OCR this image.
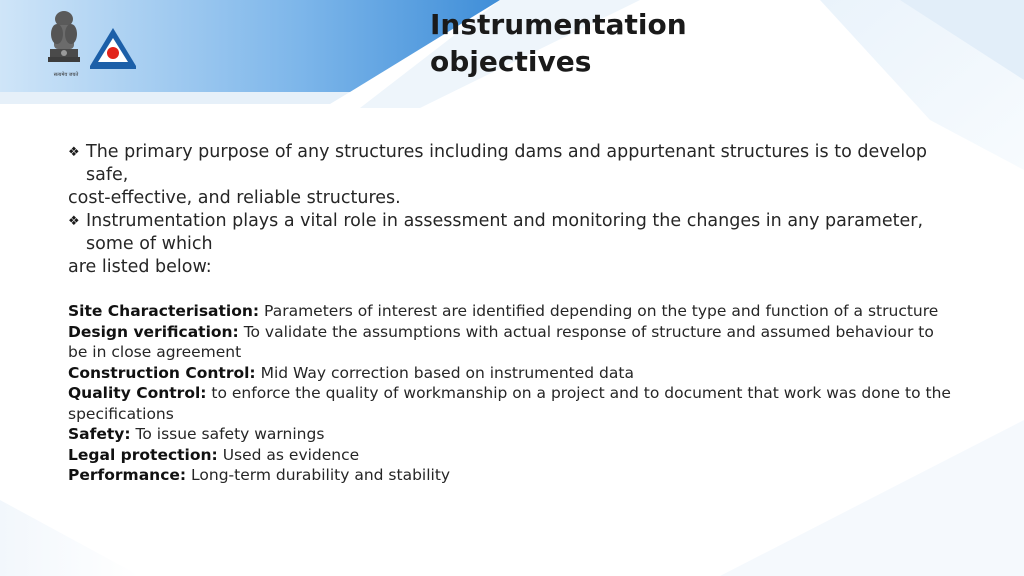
सत्यमेव जयते
Instrumentation objectives
❖ The primary purpose of any structures including dams and appurtenant structures is to develop safe,
cost-effective, and reliable structures.
❖ Instrumentation plays a vital role in assessment and monitoring the changes in any parameter, some of which
are listed below:
Site Characterisation: Parameters of interest are identified depending on the type and function of a structure
Design verification: To validate the assumptions with actual response of structure and assumed behaviour to be in close agreement
Construction Control: Mid Way correction based on instrumented data
Quality Control: to enforce the quality of workmanship on a project and to document that work was done to the specifications
Safety: To issue safety warnings
Legal protection: Used as evidence
Performance: Long-term durability and stability
